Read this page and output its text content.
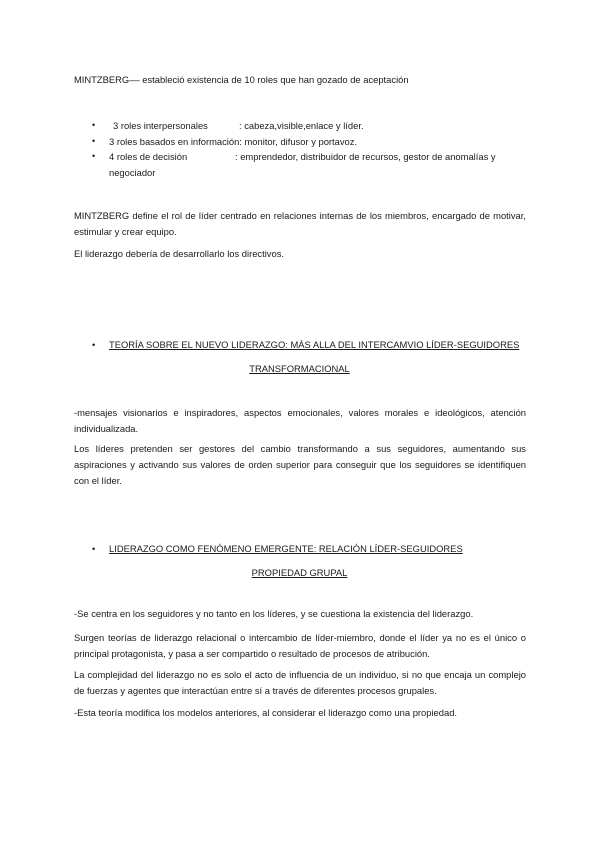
MINTZBERG–– estableció existencia de 10 roles que han gozado de aceptación
• 3 roles interpersonales	: cabeza,visible,enlace y líder.
• 3 roles basados en información: monitor, difusor y portavoz.
• 4 roles de decisión	: emprendedor, distribuidor de recursos, gestor de anomalías y negociador
MINTZBERG define el rol de líder centrado en relaciones internas de los miembros, encargado de motivar, estimular y crear equipo.
El liderazgo debería de desarrollarlo los directivos.
• TEORÍA SOBRE EL NUEVO LIDERAZGO: MÁS ALLA DEL INTERCAMVIO LÍDER-SEGUIDORES
TRANSFORMACIONAL
-mensajes visionarios e inspiradores, aspectos emocionales, valores morales e ideológicos, atención individualizada.
Los líderes pretenden ser gestores del cambio transformando a sus seguidores, aumentando sus aspiraciones y activando sus valores de orden superior para conseguir que los seguidores se identifiquen con el líder.
• LIDERAZGO COMO FENÓMENO EMERGENTE: RELACIÓN LÍDER-SEGUIDORES
PROPIEDAD GRUPAL
-Se centra en los seguidores y no tanto en los líderes, y se cuestiona la existencia del liderazgo.
Surgen teorías de liderazgo relacional o intercambio de líder-miembro, donde el líder ya no es el único o principal protagonista, y pasa a ser compartido o resultado de procesos de atribución.
La complejidad del liderazgo no es solo el acto de influencia de un individuo, si no que encaja un complejo de fuerzas y agentes que interactúan entre sí a través de diferentes procesos grupales.
-Esta teoría modifica los modelos anteriores, al considerar el liderazgo como una propiedad.
